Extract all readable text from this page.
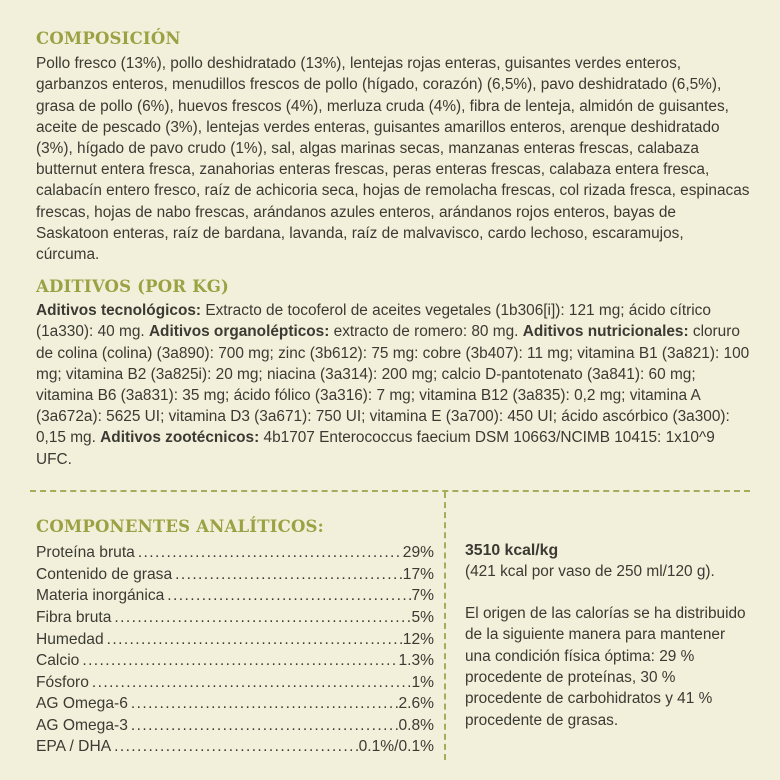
COMPOSICIÓN
Pollo fresco (13%), pollo deshidratado (13%), lentejas rojas enteras, guisantes verdes enteros, garbanzos enteros, menudillos frescos de pollo (hígado, corazón) (6,5%), pavo deshidratado (6,5%), grasa de pollo (6%), huevos frescos (4%), merluza cruda (4%), fibra de lenteja, almidón de guisantes, aceite de pescado (3%), lentejas verdes enteras, guisantes amarillos enteros, arenque deshidratado (3%), hígado de pavo crudo (1%), sal, algas marinas secas, manzanas enteras frescas, calabaza butternut entera fresca, zanahorias enteras frescas, peras enteras frescas, calabaza entera fresca, calabacín entero fresco, raíz de achicoria seca, hojas de remolacha frescas, col rizada fresca, espinacas frescas, hojas de nabo frescas, arándanos azules enteros, arándanos rojos enteros, bayas de Saskatoon enteras, raíz de bardana, lavanda, raíz de malvavisco, cardo lechoso, escaramujos, cúrcuma.
ADITIVOS (POR KG)
Aditivos tecnológicos: Extracto de tocoferol de aceites vegetales (1b306[i]): 121 mg; ácido cítrico (1a330): 40 mg. Aditivos organolépticos: extracto de romero: 80 mg. Aditivos nutricionales: cloruro de colina (colina) (3a890): 700 mg; zinc (3b612): 75 mg: cobre (3b407): 11 mg; vitamina B1 (3a821): 100 mg; vitamina B2 (3a825i): 20 mg; niacina (3a314): 200 mg; calcio D-pantotenato (3a841): 60 mg; vitamina B6 (3a831): 35 mg; ácido fólico (3a316): 7 mg; vitamina B12 (3a835): 0,2 mg; vitamina A (3a672a): 5625 UI; vitamina D3 (3a671): 750 UI; vitamina E (3a700): 450 UI; ácido ascórbico (3a300): 0,15 mg. Aditivos zootécnicos: 4b1707 Enterococcus faecium DSM 10663/NCIMB 10415: 1x10^9 UFC.
COMPONENTES ANALÍTICOS:
Proteína bruta .....	29%
Contenido de grasa .....	17%
Materia inorgánica .....	7%
Fibra bruta .....	5%
Humedad .....	12%
Calcio .....	1.3%
Fósforo .....	1%
AG Omega-6 .....	2.6%
AG Omega-3 .....	0.8%
EPA / DHA .....	0.1%/0.1%
3510 kcal/kg
(421 kcal por vaso de 250 ml/120 g).
El origen de las calorías se ha distribuido de la siguiente manera para mantener una condición física óptima: 29 % procedente de proteínas, 30 % procedente de carbohidratos y 41 % procedente de grasas.
